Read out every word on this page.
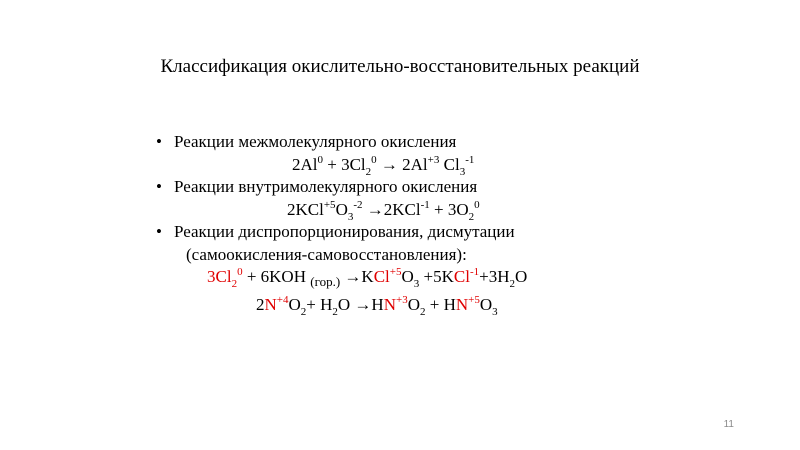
Классификация окислительно-восстановительных реакций
• Реакции межмолекулярного окисления
$2Al^0 + 3Cl_2^0 \to 2Al^{+3}$ $Cl_3^{-1}$
• Реакции внутримолекулярного окисления
$2KCl^{+5}O_3^{-2} \to 2KCl^{-1} + 3O_2^0$
• Реакции диспропорционирования, дисмутации
(самоокисления-самовосстановления):
$3Cl_2^0 + 6KOH$ $_{(гор.)} \to KCl^{+5}O_3 +5KCl^{-1}+3H_2O$
$2N^{+4}O_2+ H_2O \to HN^{+3}O_2 + HN^{+5}O_3$
11
